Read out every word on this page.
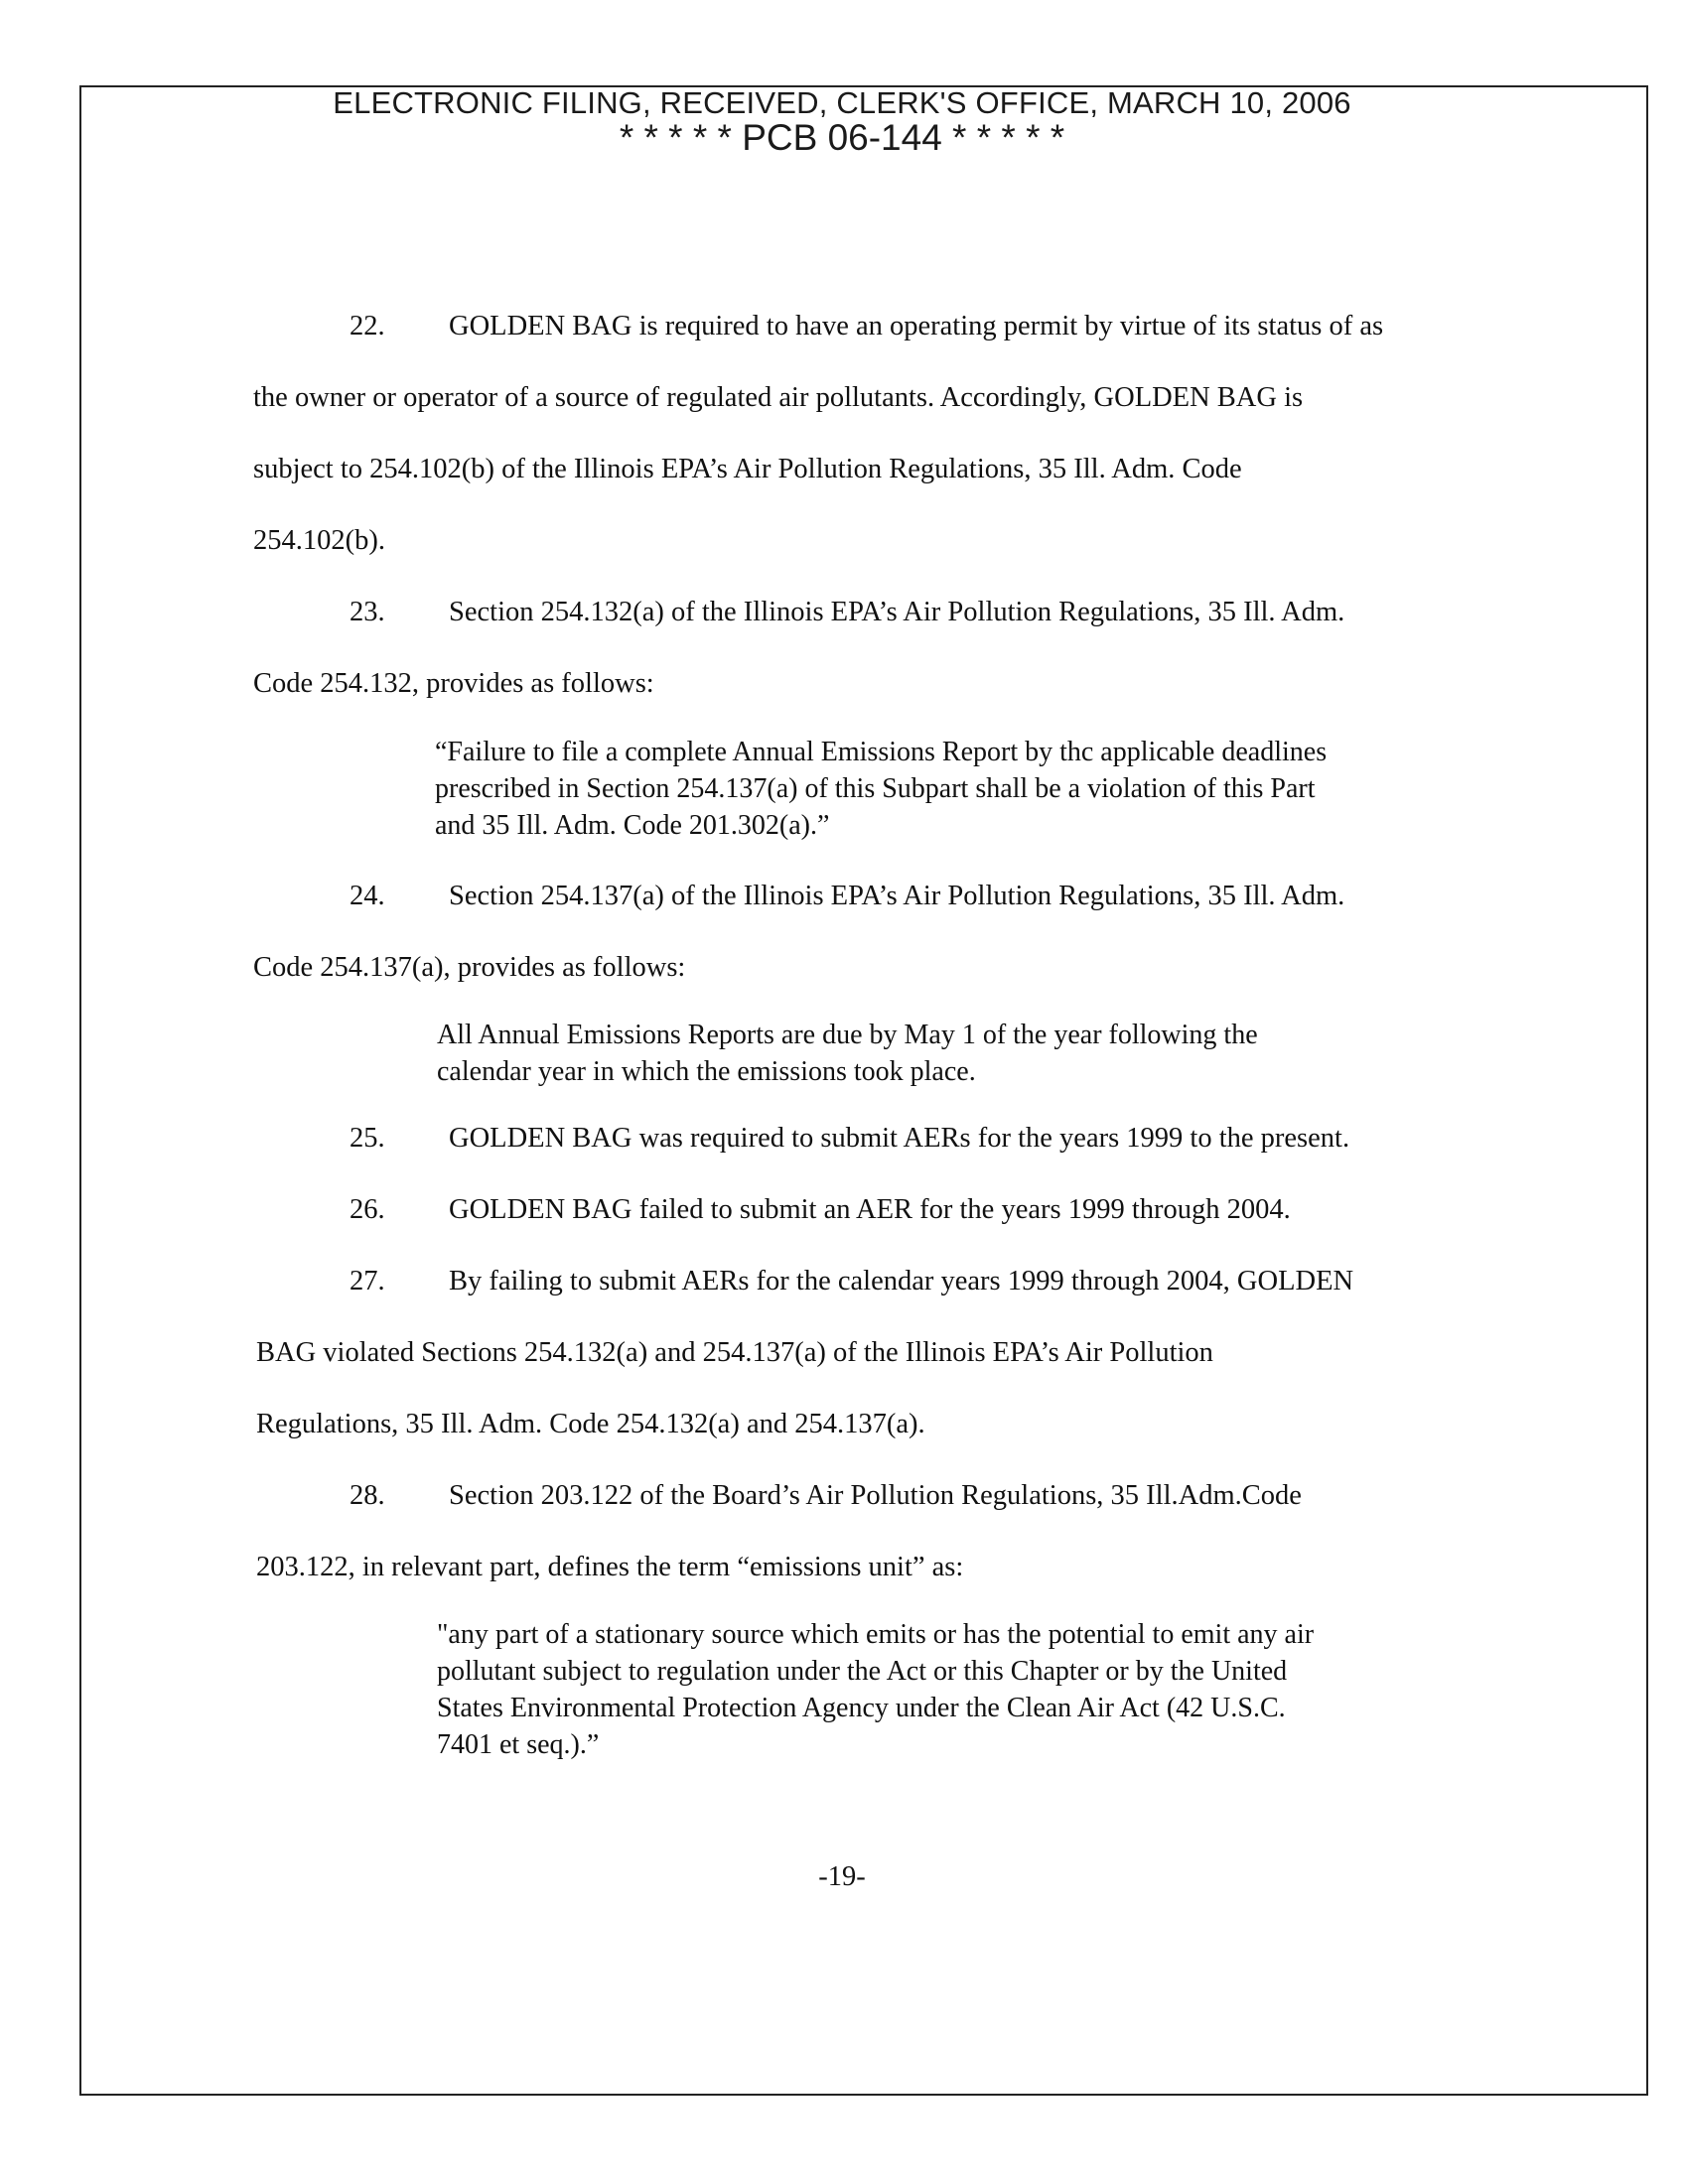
ELECTRONIC FILING, RECEIVED, CLERK'S OFFICE, MARCH 10, 2006
* * * * * PCB 06-144 * * * * *
22. GOLDEN BAG is required to have an operating permit by virtue of its status of as
the owner or operator of a source of regulated air pollutants. Accordingly, GOLDEN BAG is
subject to 254.102(b) of the Illinois EPA’s Air Pollution Regulations, 35 Ill. Adm. Code
254.102(b).
23. Section 254.132(a) of the Illinois EPA’s Air Pollution Regulations, 35 Ill. Adm.
Code 254.132, provides as follows:
“Failure to file a complete Annual Emissions Report by thc applicable deadlines
prescribed in Section 254.137(a) of this Subpart shall be a violation of this Part
and 35 Ill. Adm. Code 201.302(a).”
24. Section 254.137(a) of the Illinois EPA’s Air Pollution Regulations, 35 Ill. Adm.
Code 254.137(a), provides as follows:
All Annual Emissions Reports are due by May 1 of the year following the
calendar year in which the emissions took place.
25. GOLDEN BAG was required to submit AERs for the years 1999 to the present.
26. GOLDEN BAG failed to submit an AER for the years 1999 through 2004.
27. By failing to submit AERs for the calendar years 1999 through 2004, GOLDEN
BAG violated Sections 254.132(a) and 254.137(a) of the Illinois EPA’s Air Pollution
Regulations, 35 Ill. Adm. Code 254.132(a) and 254.137(a).
28. Section 203.122 of the Board’s Air Pollution Regulations, 35 Ill.Adm.Code
203.122, in relevant part, defines the term “emissions unit” as:
"any part of a stationary source which emits or has the potential to emit any air
pollutant subject to regulation under the Act or this Chapter or by the United
States Environmental Protection Agency under the Clean Air Act (42 U.S.C.
7401 et seq.).”
-19-
